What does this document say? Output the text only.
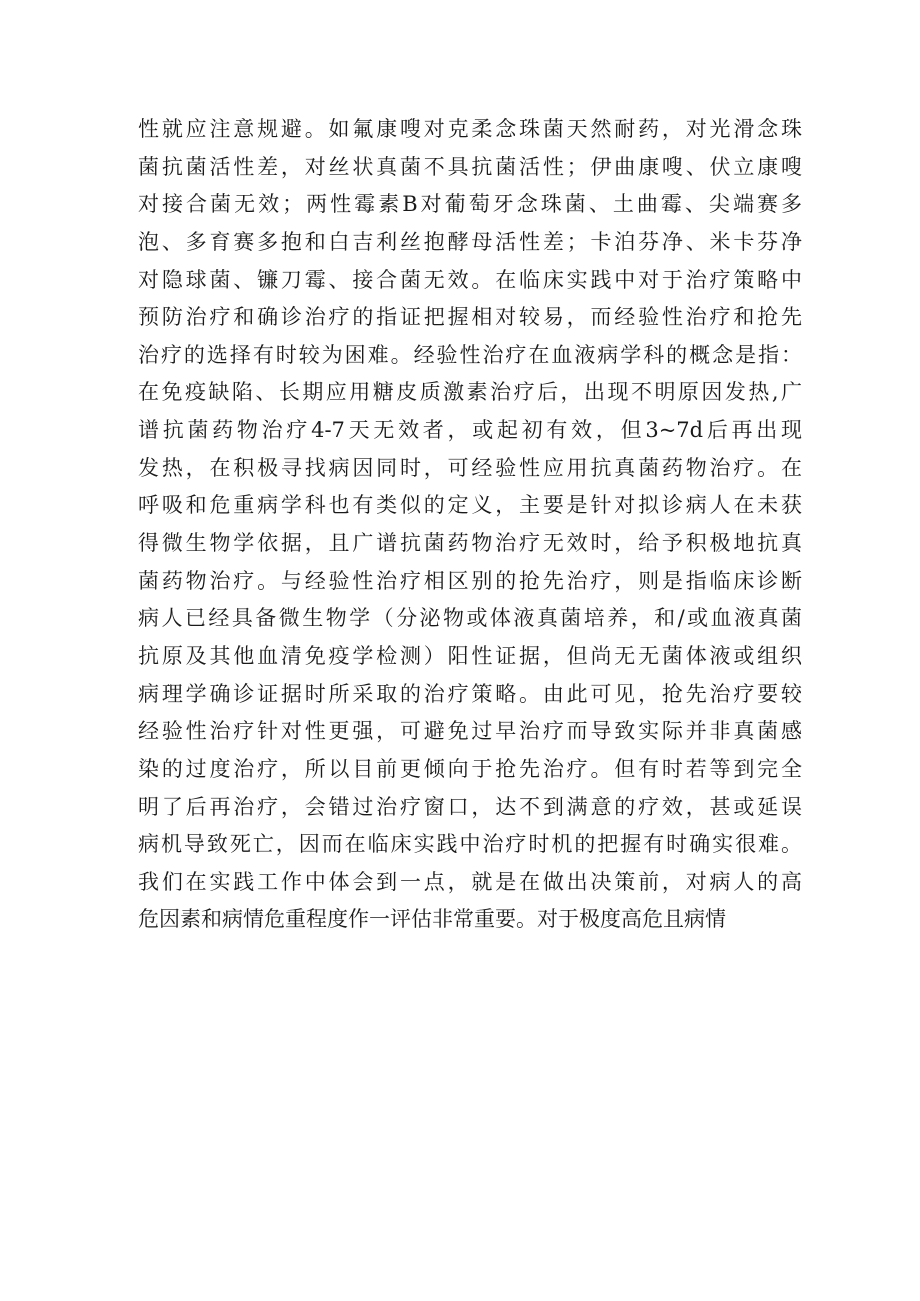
性就应注意规避。如氟康嗖对克柔念珠菌天然耐药，对光滑念珠
菌抗菌活性差，对丝状真菌不具抗菌活性；伊曲康嗖、伏立康嗖
对接合菌无效；两性霉素B对葡萄牙念珠菌、土曲霉、尖端赛多
泡、多育赛多抱和白吉利丝抱酵母活性差；卡泊芬净、米卡芬净
对隐球菌、镰刀霉、接合菌无效。在临床实践中对于治疗策略中
预防治疗和确诊治疗的指证把握相对较易，而经验性治疗和抢先
治疗的选择有时较为困难。经验性治疗在血液病学科的概念是指：
在免疫缺陷、长期应用糖皮质激素治疗后，出现不明原因发热,广
谱抗菌药物治疗4-7天无效者，或起初有效，但3~7d后再出现
发热，在积极寻找病因同时，可经验性应用抗真菌药物治疗。在
呼吸和危重病学科也有类似的定义，主要是针对拟诊病人在未获
得微生物学依据，且广谱抗菌药物治疗无效时，给予积极地抗真
菌药物治疗。与经验性治疗相区别的抢先治疗，则是指临床诊断
病人已经具备微生物学（分泌物或体液真菌培养，和/或血液真菌
抗原及其他血清免疫学检测）阳性证据，但尚无无菌体液或组织
病理学确诊证据时所采取的治疗策略。由此可见，抢先治疗要较
经验性治疗针对性更强，可避免过早治疗而导致实际并非真菌感
染的过度治疗，所以目前更倾向于抢先治疗。但有时若等到完全
明了后再治疗，会错过治疗窗口，达不到满意的疗效，甚或延误
病机导致死亡，因而在临床实践中治疗时机的把握有时确实很难。
我们在实践工作中体会到一点，就是在做出决策前，对病人的高
危因素和病情危重程度作一评估非常重要。对于极度高危且病情
